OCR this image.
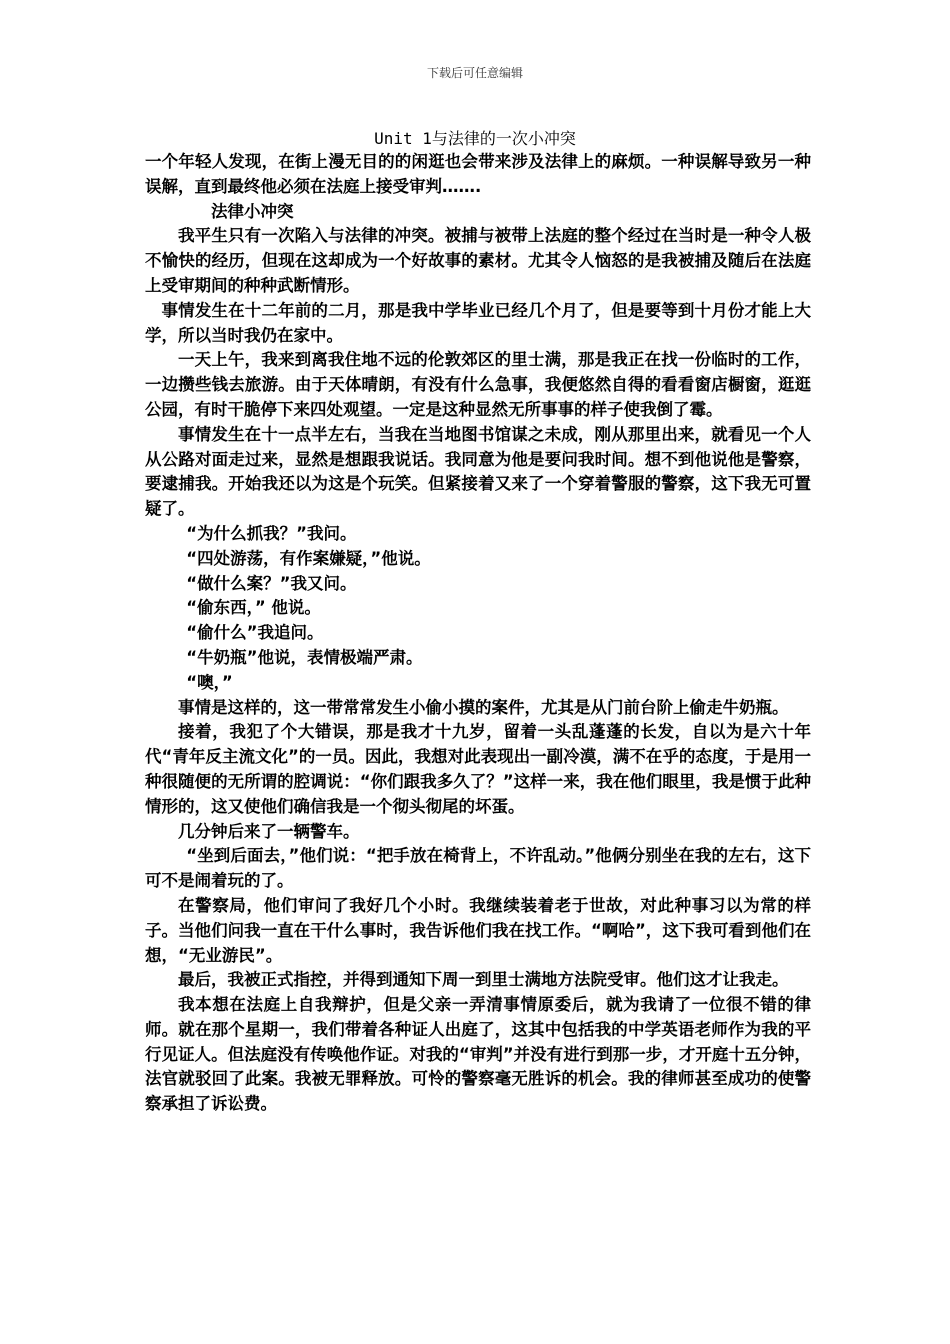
下载后可任意编辑
Unit 1与法律的一次小冲突

一个年轻人发现，在街上漫无目的的闲逛也会带来涉及法律上的麻烦。一种误解导致另一种误解，直到最终他必须在法庭上接受审判…….

法律小冲突

我平生只有一次陷入与法律的冲突。被捕与被带上法庭的整个经过在当时是一种令人极不愉快的经历，但现在这却成为一个好故事的素材。尤其令人恼怒的是我被捕及随后在法庭上受审期间的种种武断情形。

事情发生在十二年前的二月，那是我中学毕业已经几个月了，但是要等到十月份才能上大学，所以当时我仍在家中。

一天上午，我来到离我住地不远的伦敦郊区的里士满，那是我正在找一份临时的工作，一边攒些钱去旅游。由于天体晴朗，有没有什么急事，我便悠然自得的看看窗店橱窗，逛逛公园，有时干脆停下来四处观望。一定是这种显然无所事事的样子使我倒了霉。

事情发生在十一点半左右，当我在当地图书馆谋之未成，刚从那里出来，就看见一个人从公路对面走过来，显然是想跟我说话。我同意为他是要问我时间。想不到他说他是警察，要逮捕我。开始我还以为这是个玩笑。但紧接着又来了一个穿着警服的警察，这下我无可置疑了。

“为什么抓我？”我问。

“四处游荡，有作案嫌疑，”他说。

“做什么案？”我又问。

“偷东西，” 他说。

“偷什么”我追问。

“牛奶瓶”他说，表情极端严肃。

“噢，”

事情是这样的，这一带常常发生小偷小摸的案件，尤其是从门前台阶上偷走牛奶瓶。

接着，我犯了个大错误，那是我才十九岁，留着一头乱蓬蓬的长发，自以为是六十年代“青年反主流文化”的一员。因此，我想对此表现出一副冷漠，满不在乎的态度，于是用一种很随便的无所谓的腔调说：“你们跟我多久了？”这样一来，我在他们眼里，我是惯于此种情形的，这又使他们确信我是一个彻头彻尾的坏蛋。

几分钟后来了一辆警车。

“坐到后面去，”他们说：“把手放在椅背上，不许乱动。”他俩分别坐在我的左右，这下可不是闹着玩的了。

在警察局，他们审问了我好几个小时。我继续装着老于世故，对此种事习以为常的样子。当他们问我一直在干什么事时，我告诉他们我在找工作。“啊哈”，这下我可看到他们在想，“无业游民”。

最后，我被正式指控，并得到通知下周一到里士满地方法院受审。他们这才让我走。

我本想在法庭上自我辩护，但是父亲一弄清事情原委后，就为我请了一位很不错的律师。就在那个星期一，我们带着各种证人出庭了，这其中包括我的中学英语老师作为我的平行见证人。但法庭没有传唤他作证。对我的“审判”并没有进行到那一步，才开庭十五分钟，法官就驳回了此案。我被无罪释放。可怜的警察毫无胜诉的机会。我的律师甚至成功的使警察承担了诉讼费。
